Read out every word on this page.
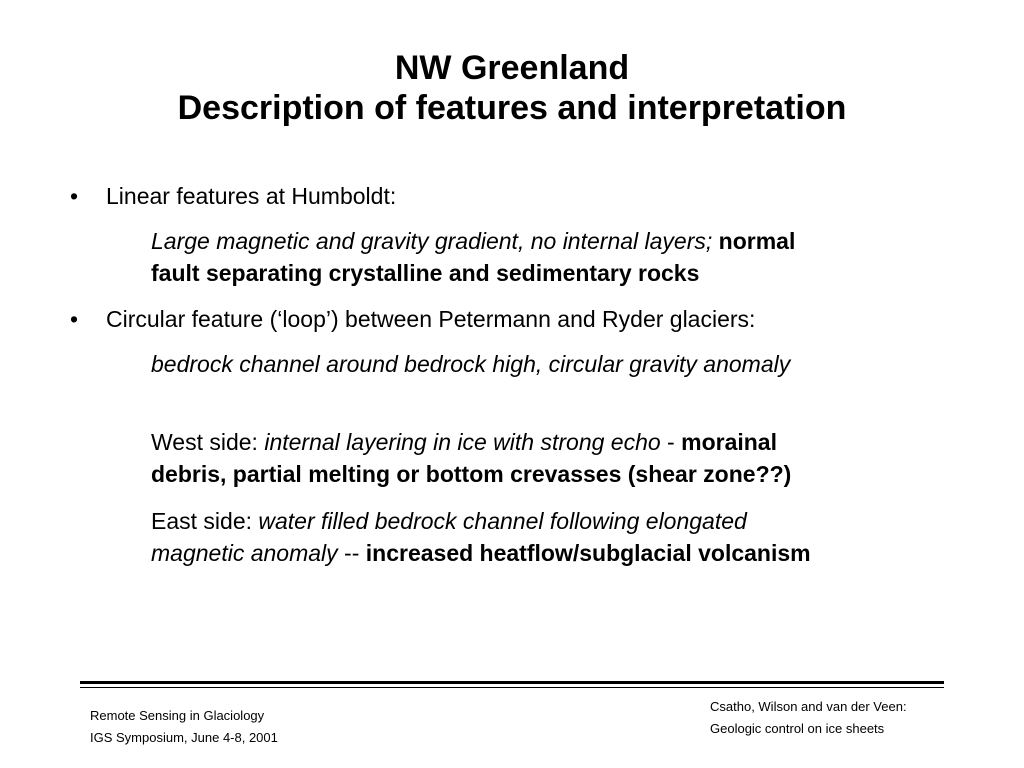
NW Greenland
Description of features and interpretation
• Linear features at Humboldt:
Large magnetic and gravity gradient, no internal layers; normal
fault separating crystalline and sedimentary rocks
• Circular feature (‘loop’) between Petermann and Ryder glaciers:
bedrock channel around bedrock high, circular gravity anomaly
West side: internal layering in ice with strong echo - morainal
debris, partial melting or bottom crevasses (shear zone??)
East side: water filled bedrock channel following elongated
magnetic anomaly -- increased heatflow/subglacial volcanism
Remote Sensing in Glaciology
IGS Symposium, June 4-8, 2001
Csatho, Wilson and van der Veen:
Geologic control on ice sheets
